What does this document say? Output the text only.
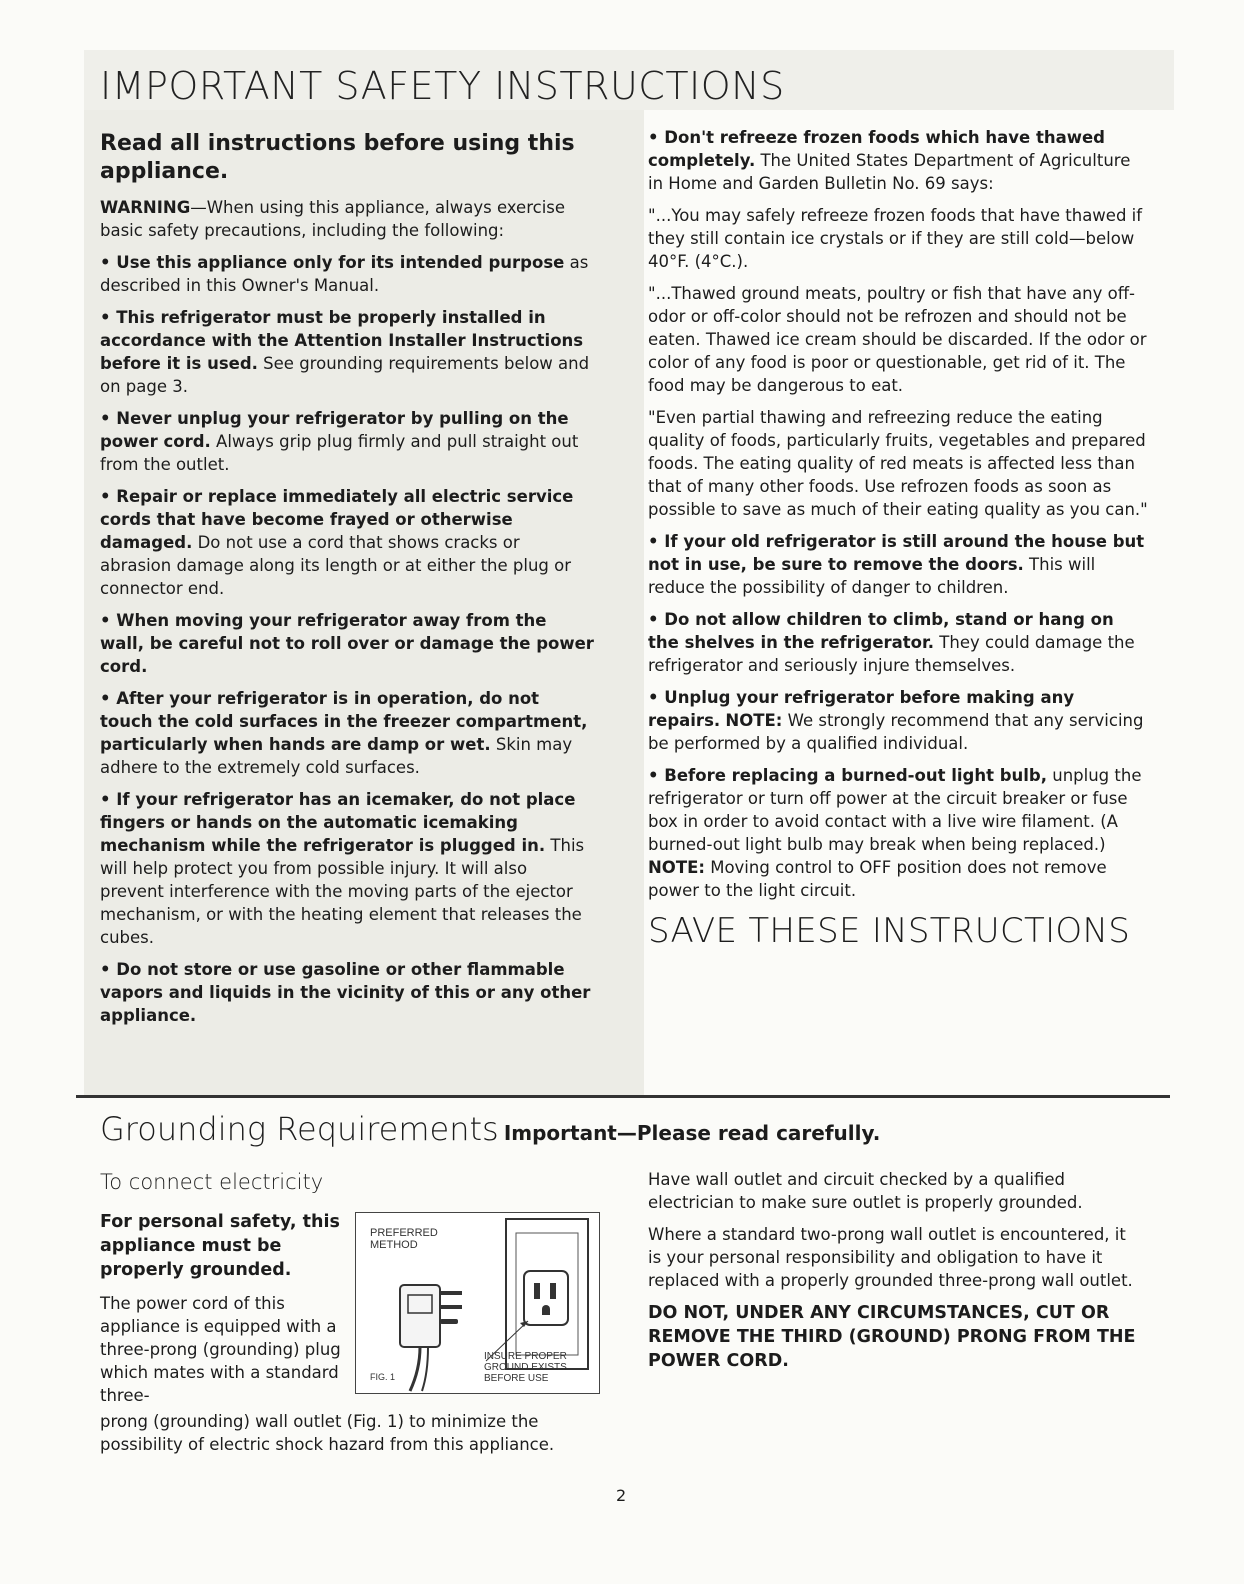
IMPORTANT SAFETY INSTRUCTIONS
Read all instructions before using this appliance.
WARNING—When using this appliance, always exercise basic safety precautions, including the following:
• Use this appliance only for its intended purpose as described in this Owner's Manual.
• This refrigerator must be properly installed in accordance with the Attention Installer Instructions before it is used. See grounding requirements below and on page 3.
• Never unplug your refrigerator by pulling on the power cord. Always grip plug firmly and pull straight out from the outlet.
• Repair or replace immediately all electric service cords that have become frayed or otherwise damaged. Do not use a cord that shows cracks or abrasion damage along its length or at either the plug or connector end.
• When moving your refrigerator away from the wall, be careful not to roll over or damage the power cord.
• After your refrigerator is in operation, do not touch the cold surfaces in the freezer compartment, particularly when hands are damp or wet. Skin may adhere to the extremely cold surfaces.
• If your refrigerator has an icemaker, do not place fingers or hands on the automatic icemaking mechanism while the refrigerator is plugged in. This will help protect you from possible injury. It will also prevent interference with the moving parts of the ejector mechanism, or with the heating element that releases the cubes.
• Do not store or use gasoline or other flammable vapors and liquids in the vicinity of this or any other appliance.
• Don't refreeze frozen foods which have thawed completely. The United States Department of Agriculture in Home and Garden Bulletin No. 69 says:
"...You may safely refreeze frozen foods that have thawed if they still contain ice crystals or if they are still cold—below 40°F. (4°C.).
"...Thawed ground meats, poultry or fish that have any off-odor or off-color should not be refrozen and should not be eaten. Thawed ice cream should be discarded. If the odor or color of any food is poor or questionable, get rid of it. The food may be dangerous to eat.
"Even partial thawing and refreezing reduce the eating quality of foods, particularly fruits, vegetables and prepared foods. The eating quality of red meats is affected less than that of many other foods. Use refrozen foods as soon as possible to save as much of their eating quality as you can."
• If your old refrigerator is still around the house but not in use, be sure to remove the doors. This will reduce the possibility of danger to children.
• Do not allow children to climb, stand or hang on the shelves in the refrigerator. They could damage the refrigerator and seriously injure themselves.
• Unplug your refrigerator before making any repairs. NOTE: We strongly recommend that any servicing be performed by a qualified individual.
• Before replacing a burned-out light bulb, unplug the refrigerator or turn off power at the circuit breaker or fuse box in order to avoid contact with a live wire filament. (A burned-out light bulb may break when being replaced.) NOTE: Moving control to OFF position does not remove power to the light circuit.
SAVE THESE INSTRUCTIONS
Grounding Requirements Important—Please read carefully.
To connect electricity
For personal safety, this appliance must be properly grounded.
The power cord of this appliance is equipped with a three-prong (grounding) plug which mates with a standard three-
prong (grounding) wall outlet (Fig. 1) to minimize the possibility of electric shock hazard from this appliance.
PREFERRED METHOD
FIG. 1
INSURE PROPER GROUND EXISTS BEFORE USE
Have wall outlet and circuit checked by a qualified electrician to make sure outlet is properly grounded.
Where a standard two-prong wall outlet is encountered, it is your personal responsibility and obligation to have it replaced with a properly grounded three-prong wall outlet.
DO NOT, UNDER ANY CIRCUMSTANCES, CUT OR REMOVE THE THIRD (GROUND) PRONG FROM THE POWER CORD.
2
